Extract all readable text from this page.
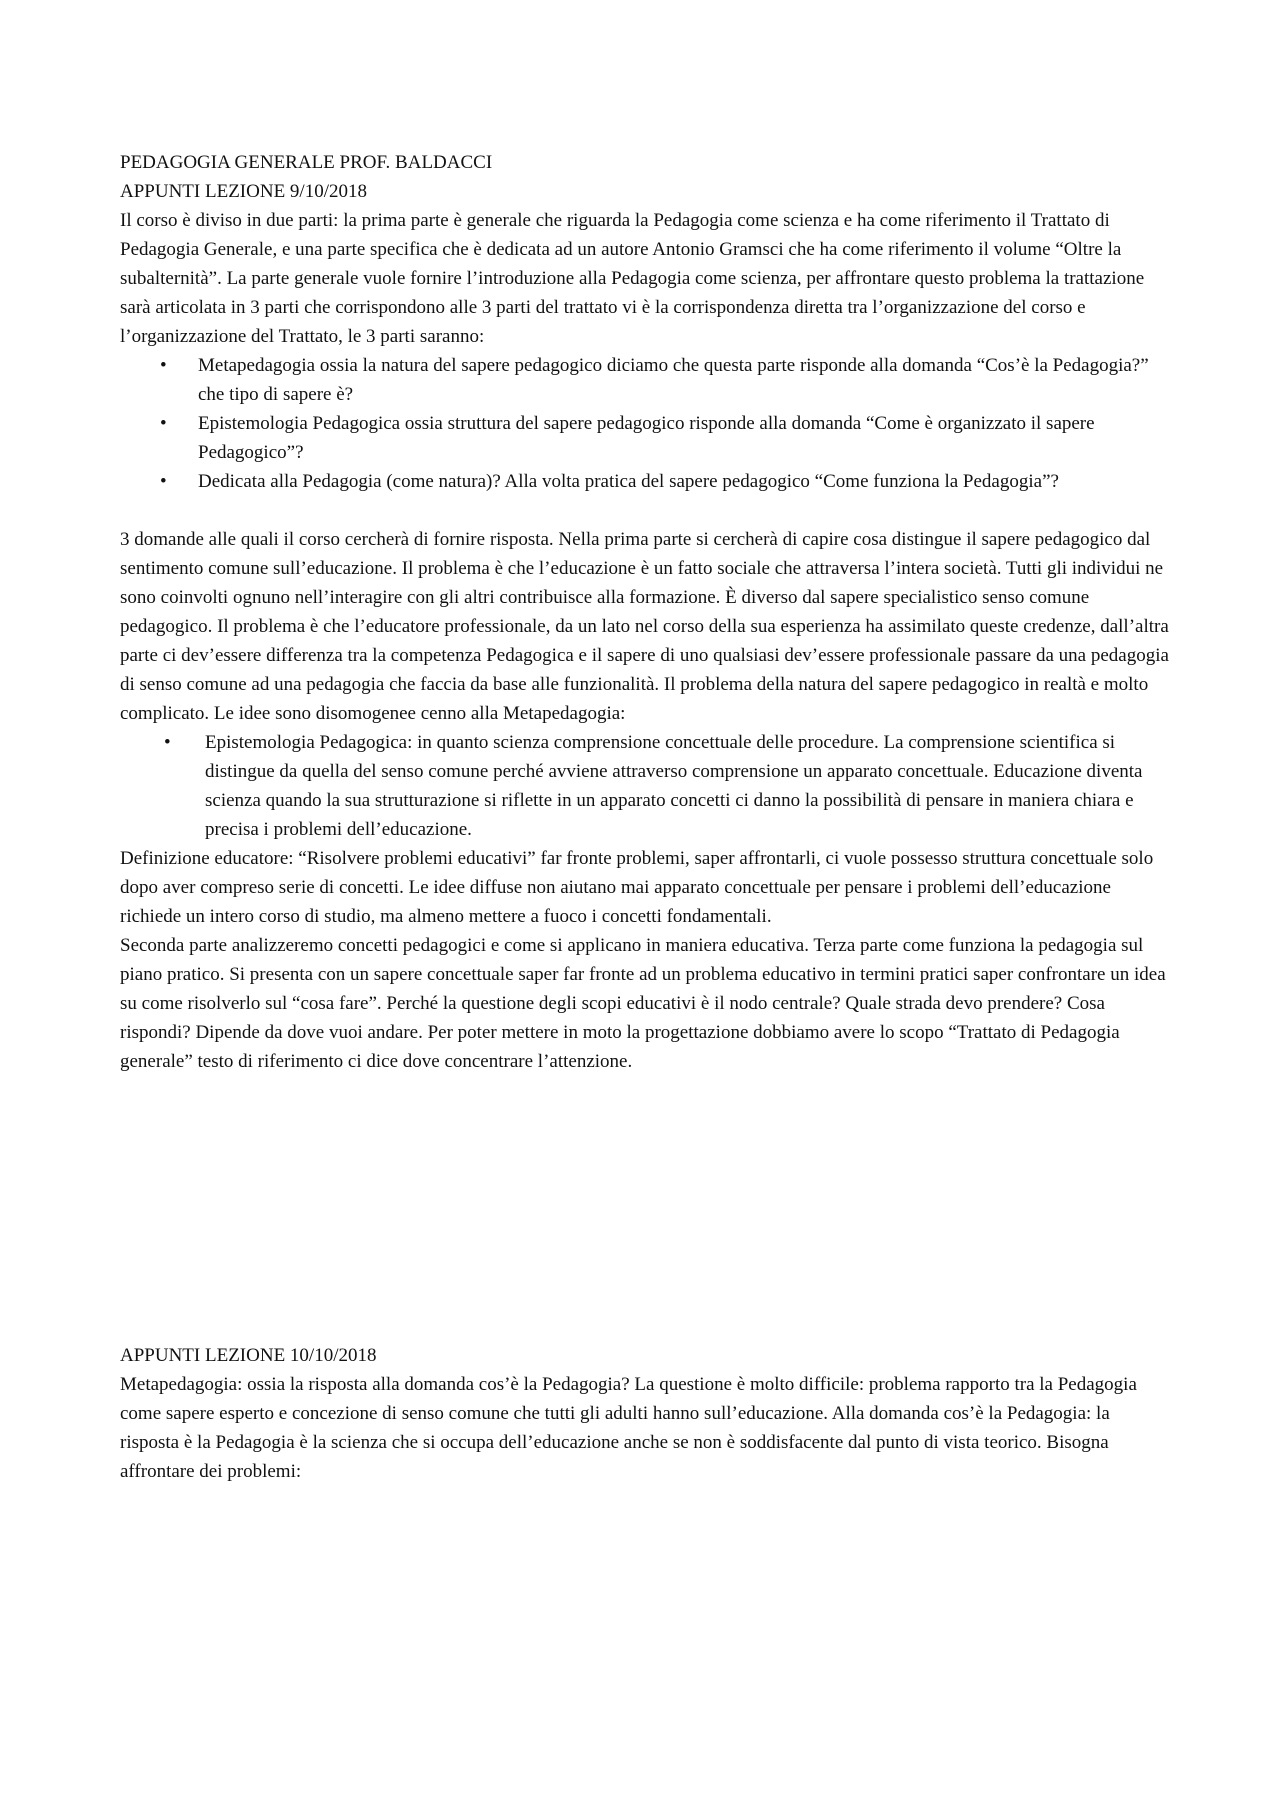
PEDAGOGIA GENERALE PROF. BALDACCI

APPUNTI LEZIONE 9/10/2018

Il corso è diviso in due parti: la prima parte è generale che riguarda la Pedagogia come scienza e ha come riferimento il Trattato di Pedagogia Generale, e una parte specifica che è dedicata ad un autore Antonio Gramsci che ha come riferimento il volume “Oltre la subalternità”. La parte generale vuole fornire l’introduzione alla Pedagogia come scienza, per affrontare questo problema la trattazione sarà articolata in 3 parti che corrispondono alle 3 parti del trattato vi è la corrispondenza diretta tra l’organizzazione del corso e l’organizzazione del Trattato, le 3 parti saranno:

• Metapedagogia ossia la natura del sapere pedagogico diciamo che questa parte risponde alla domanda “Cos’è la Pedagogia?” che tipo di sapere è?
• Epistemologia Pedagogica ossia struttura del sapere pedagogico risponde alla domanda “Come è organizzato il sapere Pedagogico”?
• Dedicata alla Pedagogia (come natura)? Alla volta pratica del sapere pedagogico “Come funziona la Pedagogia”?

3 domande alle quali il corso cercherà di fornire risposta. Nella prima parte si cercherà di capire cosa distingue il sapere pedagogico dal sentimento comune sull’educazione. Il problema è che l’educazione è un fatto sociale che attraversa l’intera società. Tutti gli individui ne sono coinvolti ognuno nell’interagire con gli altri contribuisce alla formazione. È diverso dal sapere specialistico senso comune pedagogico. Il problema è che l’educatore professionale, da un lato nel corso della sua esperienza ha assimilato queste credenze, dall’altra parte ci dev’essere differenza tra la competenza Pedagogica e il sapere di uno qualsiasi dev’essere professionale passare da una pedagogia di senso comune ad una pedagogia che faccia da base alle funzionalità. Il problema della natura del sapere pedagogico in realtà e molto complicato. Le idee sono disomogenee cenno alla Metapedagogia:

• Epistemologia Pedagogica: in quanto scienza comprensione concettuale delle procedure. La comprensione scientifica si distingue da quella del senso comune perché avviene attraverso comprensione un apparato concettuale. Educazione diventa scienza quando la sua strutturazione si riflette in un apparato concetti ci danno la possibilità di pensare in maniera chiara e precisa i problemi dell’educazione.

Definizione educatore: “Risolvere problemi educativi” far fronte problemi, saper affrontarli, ci vuole possesso struttura concettuale solo dopo aver compreso serie di concetti. Le idee diffuse non aiutano mai apparato concettuale per pensare i problemi dell’educazione richiede un intero corso di studio, ma almeno mettere a fuoco i concetti fondamentali.

Seconda parte analizzeremo concetti pedagogici e come si applicano in maniera educativa. Terza parte come funziona la pedagogia sul piano pratico. Si presenta con un sapere concettuale saper far fronte ad un problema educativo in termini pratici saper confrontare un idea su come risolverlo sul “cosa fare”. Perché la questione degli scopi educativi è il nodo centrale? Quale strada devo prendere? Cosa rispondi? Dipende da dove vuoi andare. Per poter mettere in moto la progettazione dobbiamo avere lo scopo “Trattato di Pedagogia generale” testo di riferimento ci dice dove concentrare l’attenzione.

APPUNTI LEZIONE 10/10/2018

Metapedagogia: ossia la risposta alla domanda cos’è la Pedagogia? La questione è molto difficile: problema rapporto tra la Pedagogia come sapere esperto e concezione di senso comune che tutti gli adulti hanno sull’educazione. Alla domanda cos’è la Pedagogia: la risposta è la Pedagogia è la scienza che si occupa dell’educazione anche se non è soddisfacente dal punto di vista teorico. Bisogna affrontare dei problemi:
